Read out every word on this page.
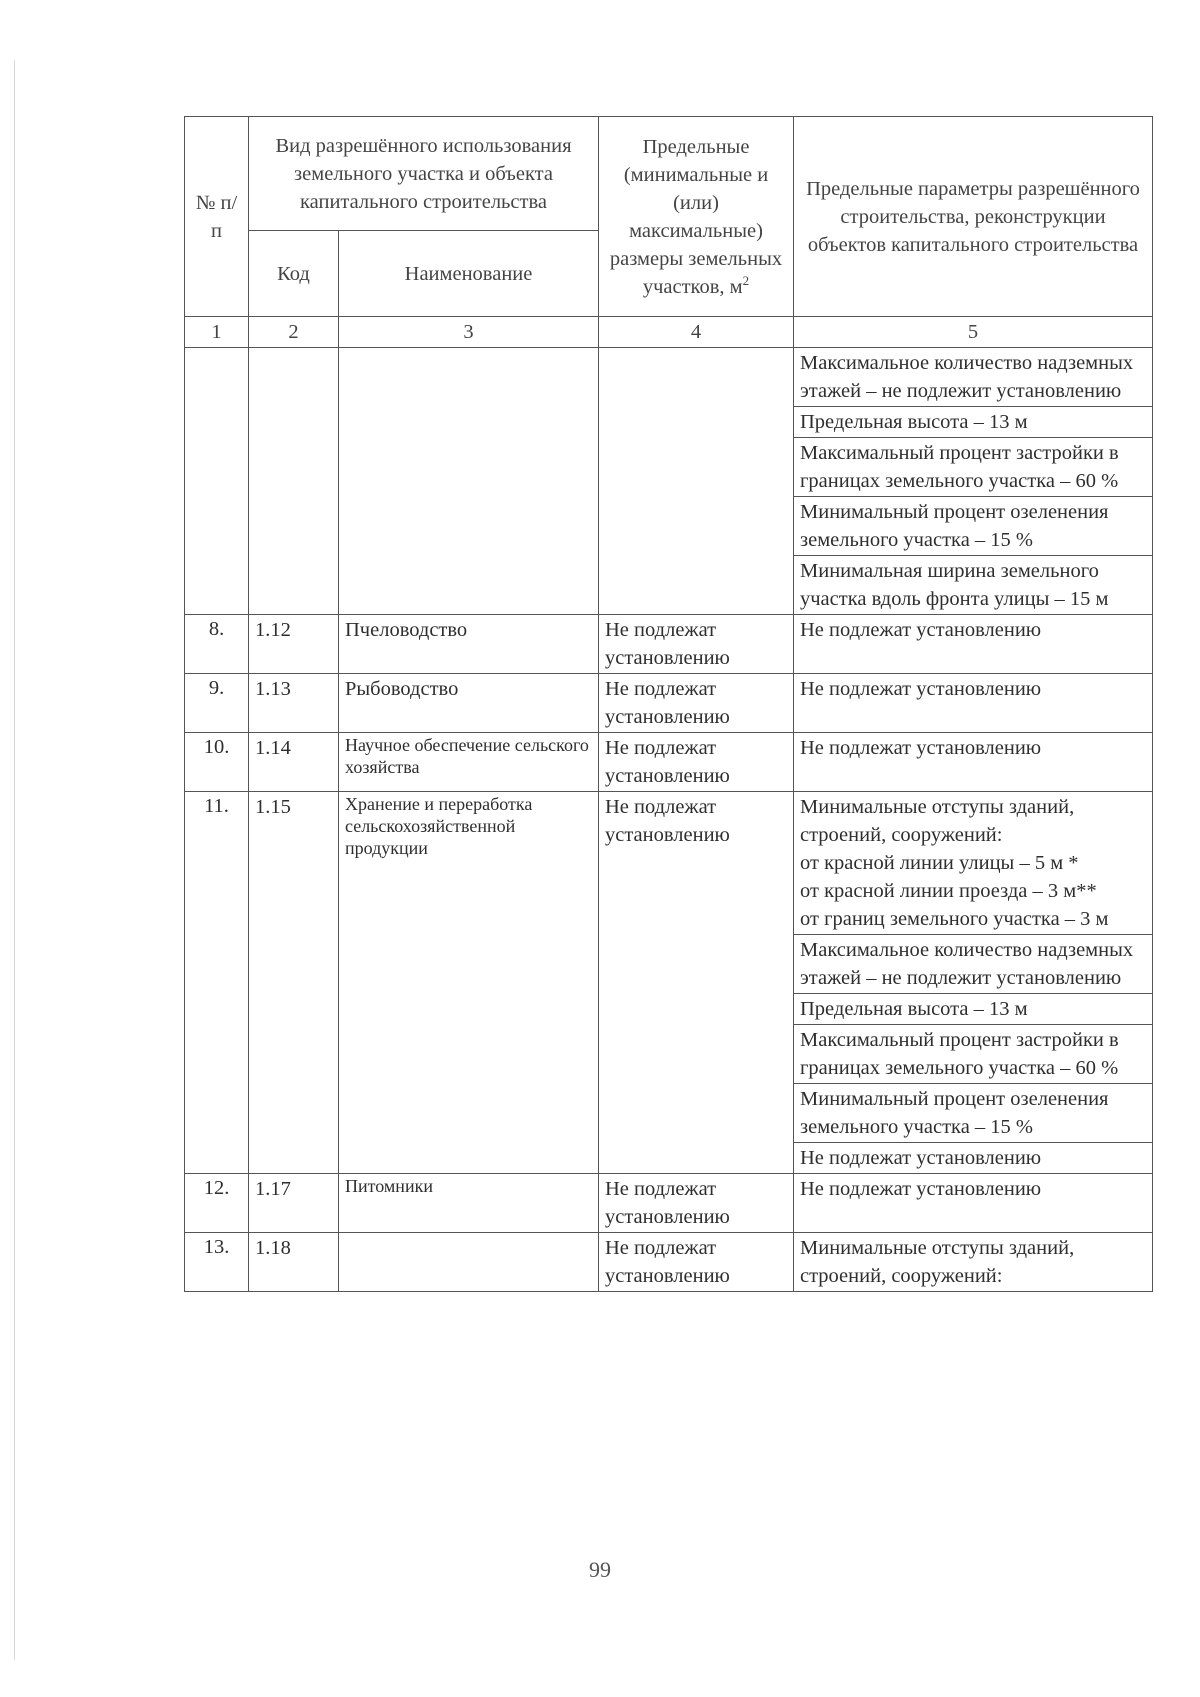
№ п/п	Вид разрешённого использования земельного участка и объекта капитального строительства		Предельные (минимальные и (или) максимальные) размеры земельных участков, $м^2$	Предельные параметры разрешённого строительства, реконструкции объектов капитального строительства
	Код	Наименование		
1	2	3	4	5
				Максимальное количество надземных этажей – не подлежит установлению
				Предельная высота – 13 м
				Максимальный процент застройки в границах земельного участка – 60 %
				Минимальный процент озеленения земельного участка – 15 %
				Минимальная ширина земельного участка вдоль фронта улицы – 15 м
8.	1.12	Пчеловодство	Не подлежат установлению	Не подлежат установлению
9.	1.13	Рыбоводство	Не подлежат установлению	Не подлежат установлению
10.	1.14	Научное обеспечение сельского хозяйства	Не подлежат установлению	Не подлежат установлению
11.	1.15	Хранение и переработка сельскохозяйственной продукции	Не подлежат установлению	Минимальные отступы зданий, строений, сооружений:
от красной линии улицы – 5 м *
от красной линии проезда – 3 м**
от границ земельного участка – 3 м

				Максимальное количество надземных этажей – не подлежит установлению
				Предельная высота – 13 м
				Максимальный процент застройки в границах земельного участка – 60 %
				Минимальный процент озеленения земельного участка – 15 %
				Не подлежат установлению
12.	1.17	Питомники	Не подлежат установлению	Не подлежат установлению
13.	1.18		Не подлежат установлению	Минимальные отступы зданий, строений, сооружений:
99
